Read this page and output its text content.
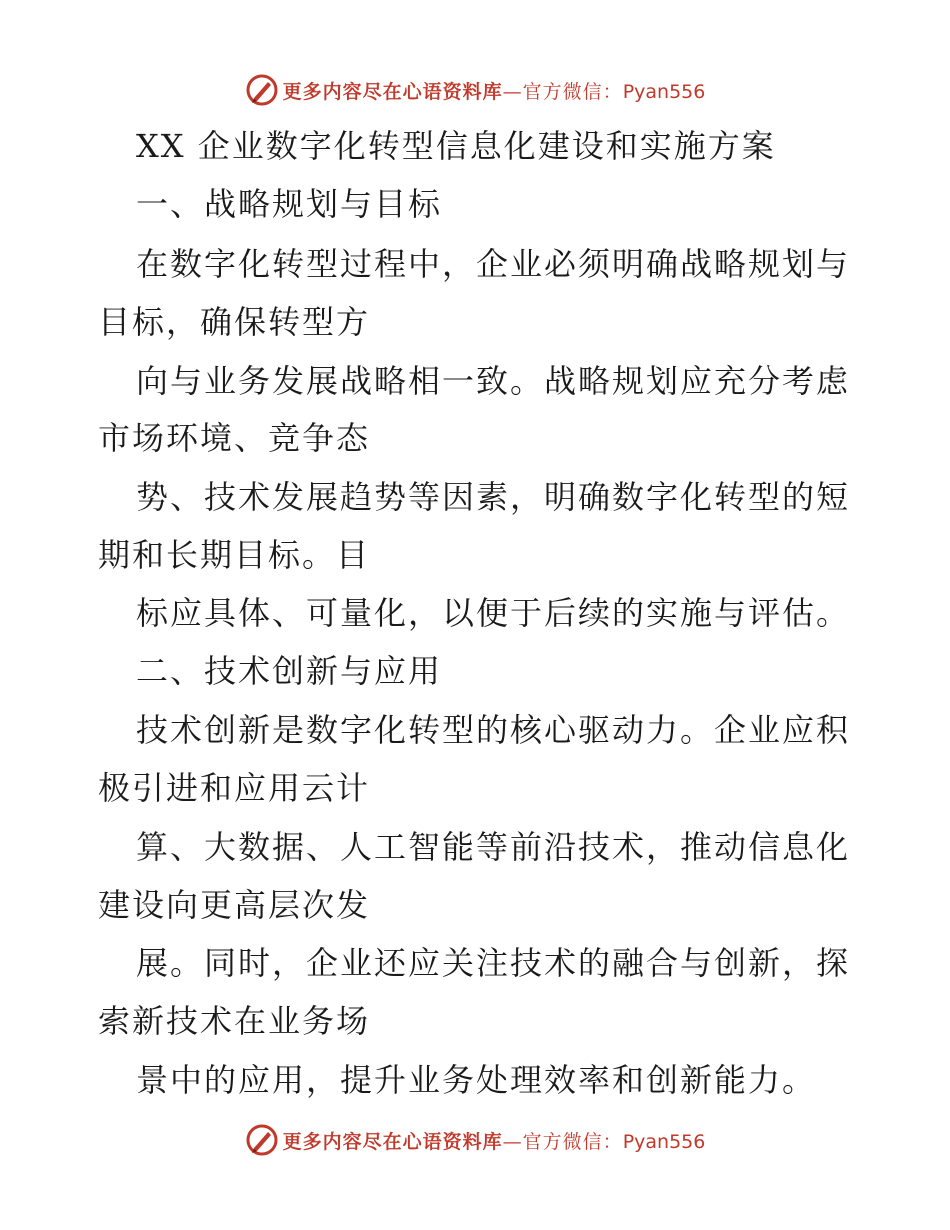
更多内容尽在心语资料库—官方微信：Pyan556
XX 企业数字化转型信息化建设和实施方案
一、战略规划与目标
在数字化转型过程中，企业必须明确战略规划与
目标，确保转型方
向与业务发展战略相一致。战略规划应充分考虑
市场环境、竞争态
势、技术发展趋势等因素，明确数字化转型的短
期和长期目标。目
标应具体、可量化，以便于后续的实施与评估。
二、技术创新与应用
技术创新是数字化转型的核心驱动力。企业应积
极引进和应用云计
算、大数据、人工智能等前沿技术，推动信息化
建设向更高层次发
展。同时，企业还应关注技术的融合与创新，探
索新技术在业务场
景中的应用，提升业务处理效率和创新能力。
更多内容尽在心语资料库—官方微信：Pyan556
